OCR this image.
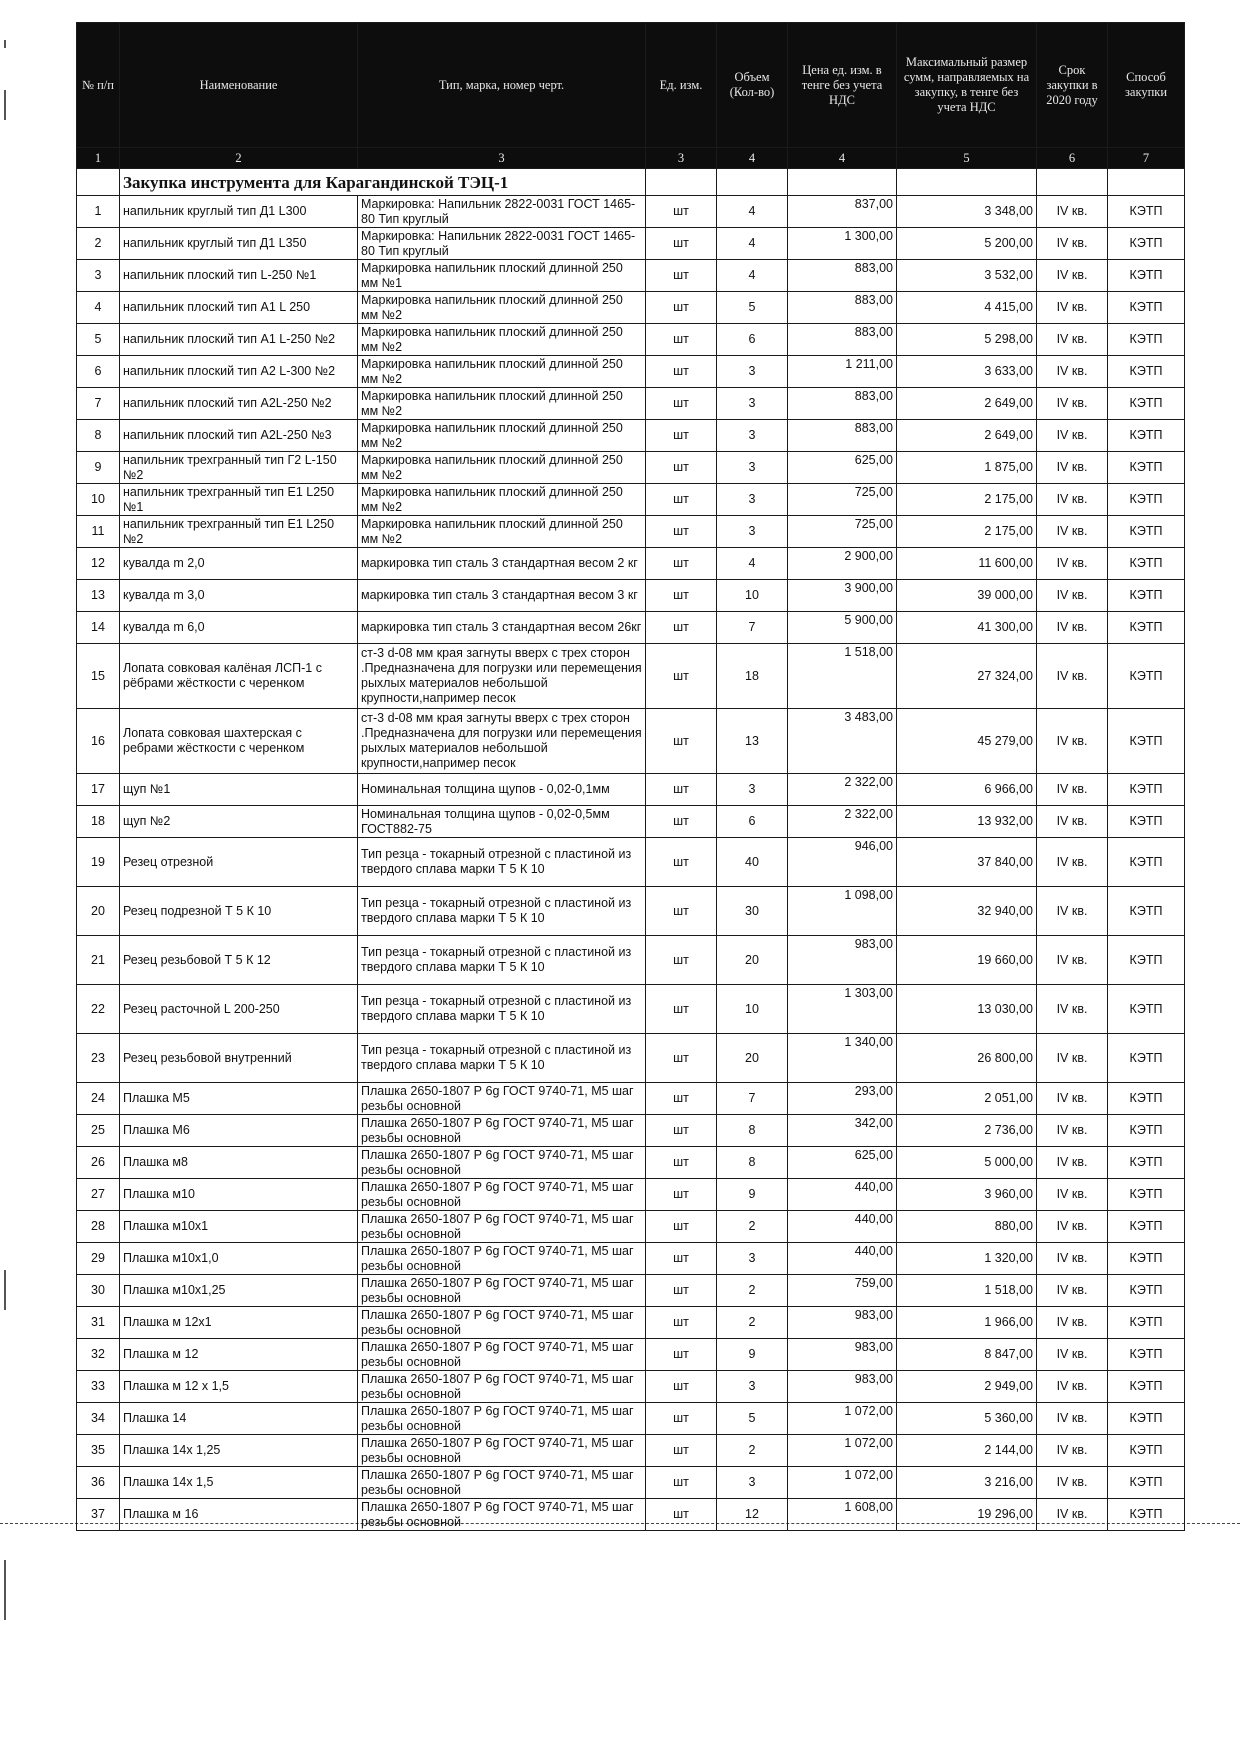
№ п/п	Наименование	Тип, марка, номер черт.	Ед. изм.	Объем (Кол-во)	Цена ед. изм. в тенге без учета НДС	Максимальный размер сумм, направляемых на закупку, в тенге без учета НДС	Срок закупки в 2020 году	Способ закупки
1	2	3	3	4	4	5	6	7
	Закупка инструмента для Карагандинской ТЭЦ-1							
1	напильник круглый тип Д1 L300	Маркировка: Напильник 2822-0031 ГОСТ 1465-80 Тип круглый	шт	4	837,00	3 348,00	IV кв.	КЭТП
2	напильник круглый тип Д1 L350	Маркировка: Напильник 2822-0031 ГОСТ 1465-80 Тип круглый	шт	4	1 300,00	5 200,00	IV кв.	КЭТП
3	напильник плоский тип L-250 №1	Маркировка напильник плоский длинной 250 мм №1	шт	4	883,00	3 532,00	IV кв.	КЭТП
4	напильник плоский тип А1 L 250	Маркировка напильник плоский длинной 250 мм №2	шт	5	883,00	4 415,00	IV кв.	КЭТП
5	напильник плоский тип А1 L-250 №2	Маркировка напильник плоский длинной 250 мм №2	шт	6	883,00	5 298,00	IV кв.	КЭТП
6	напильник плоский тип А2 L-300 №2	Маркировка напильник плоский длинной 250 мм №2	шт	3	1 211,00	3 633,00	IV кв.	КЭТП
7	напильник плоский тип А2L-250 №2	Маркировка напильник плоский длинной 250 мм №2	шт	3	883,00	2 649,00	IV кв.	КЭТП
8	напильник плоский тип А2L-250 №3	Маркировка напильник плоский длинной 250 мм №2	шт	3	883,00	2 649,00	IV кв.	КЭТП
9	напильник трехгранный тип Г2 L-150 №2	Маркировка напильник плоский длинной 250 мм №2	шт	3	625,00	1 875,00	IV кв.	КЭТП
10	напильник трехгранный тип Е1 L250 №1	Маркировка напильник плоский длинной 250 мм №2	шт	3	725,00	2 175,00	IV кв.	КЭТП
11	напильник трехгранный тип Е1 L250 №2	Маркировка напильник плоский длинной 250 мм №2	шт	3	725,00	2 175,00	IV кв.	КЭТП
12	кувалда m 2,0	маркировка тип сталь 3 стандартная весом 2 кг	шт	4	2 900,00	11 600,00	IV кв.	КЭТП
13	кувалда m 3,0	маркировка тип сталь 3 стандартная весом 3 кг	шт	10	3 900,00	39 000,00	IV кв.	КЭТП
14	кувалда m 6,0	маркировка тип сталь 3 стандартная весом 26кг	шт	7	5 900,00	41 300,00	IV кв.	КЭТП
15	Лопата совковая калёная ЛСП-1 с рёбрами жёсткости с черенком	ст-3 d-08 мм края загнуты вверх с трех сторон .Предназначена для погрузки или перемещения рыхлых материалов небольшой крупности,например песок	шт	18	1 518,00	27 324,00	IV кв.	КЭТП
16	Лопата совковая шахтерская с ребрами жёсткости с черенком	ст-3 d-08 мм края загнуты вверх с трех сторон .Предназначена для погрузки или перемещения рыхлых материалов небольшой крупности,например песок	шт	13	3 483,00	45 279,00	IV кв.	КЭТП
17	щуп №1	Номинальная толщина щупов - 0,02-0,1мм	шт	3	2 322,00	6 966,00	IV кв.	КЭТП
18	щуп №2	Номинальная толщина щупов - 0,02-0,5мм ГОСТ882-75	шт	6	2 322,00	13 932,00	IV кв.	КЭТП
19	Резец отрезной	Тип резца - токарный отрезной с пластиной из твердого сплава марки Т 5 К 10	шт	40	946,00	37 840,00	IV кв.	КЭТП
20	Резец подрезной Т 5 К 10	Тип резца - токарный отрезной с пластиной из твердого сплава марки Т 5 К 10	шт	30	1 098,00	32 940,00	IV кв.	КЭТП
21	Резец резьбовой Т 5 К 12	Тип резца - токарный отрезной с пластиной из твердого сплава марки Т 5 К 10	шт	20	983,00	19 660,00	IV кв.	КЭТП
22	Резец расточной L 200-250	Тип резца - токарный отрезной с пластиной из твердого сплава марки Т 5 К 10	шт	10	1 303,00	13 030,00	IV кв.	КЭТП
23	Резец резьбовой внутренний	Тип резца - токарный отрезной с пластиной из твердого сплава марки Т 5 К 10	шт	20	1 340,00	26 800,00	IV кв.	КЭТП
24	Плашка М5	Плашка 2650-1807 Р 6g ГОСТ 9740-71, М5 шаг резьбы основной	шт	7	293,00	2 051,00	IV кв.	КЭТП
25	Плашка М6	Плашка 2650-1807 Р 6g ГОСТ 9740-71, М5 шаг резьбы основной	шт	8	342,00	2 736,00	IV кв.	КЭТП
26	Плашка м8	Плашка 2650-1807 Р 6g ГОСТ 9740-71, М5 шаг резьбы основной	шт	8	625,00	5 000,00	IV кв.	КЭТП
27	Плашка м10	Плашка 2650-1807 Р 6g ГОСТ 9740-71, М5 шаг резьбы основной	шт	9	440,00	3 960,00	IV кв.	КЭТП
28	Плашка м10х1	Плашка 2650-1807 Р 6g ГОСТ 9740-71, М5 шаг резьбы основной	шт	2	440,00	880,00	IV кв.	КЭТП
29	Плашка м10х1,0	Плашка 2650-1807 Р 6g ГОСТ 9740-71, М5 шаг резьбы основной	шт	3	440,00	1 320,00	IV кв.	КЭТП
30	Плашка м10х1,25	Плашка 2650-1807 Р 6g ГОСТ 9740-71, М5 шаг резьбы основной	шт	2	759,00	1 518,00	IV кв.	КЭТП
31	Плашка м 12х1	Плашка 2650-1807 Р 6g ГОСТ 9740-71, М5 шаг резьбы основной	шт	2	983,00	1 966,00	IV кв.	КЭТП
32	Плашка м 12	Плашка 2650-1807 Р 6g ГОСТ 9740-71, М5 шаг резьбы основной	шт	9	983,00	8 847,00	IV кв.	КЭТП
33	Плашка м 12 х 1,5	Плашка 2650-1807 Р 6g ГОСТ 9740-71, М5 шаг резьбы основной	шт	3	983,00	2 949,00	IV кв.	КЭТП
34	Плашка 14	Плашка 2650-1807 Р 6g ГОСТ 9740-71, М5 шаг резьбы основной	шт	5	1 072,00	5 360,00	IV кв.	КЭТП
35	Плашка 14х 1,25	Плашка 2650-1807 Р 6g ГОСТ 9740-71, М5 шаг резьбы основной	шт	2	1 072,00	2 144,00	IV кв.	КЭТП
36	Плашка 14х 1,5	Плашка 2650-1807 Р 6g ГОСТ 9740-71, М5 шаг резьбы основной	шт	3	1 072,00	3 216,00	IV кв.	КЭТП
37	Плашка м 16	Плашка 2650-1807 Р 6g ГОСТ 9740-71, М5 шаг резьбы основной	шт	12	1 608,00	19 296,00	IV кв.	КЭТП
